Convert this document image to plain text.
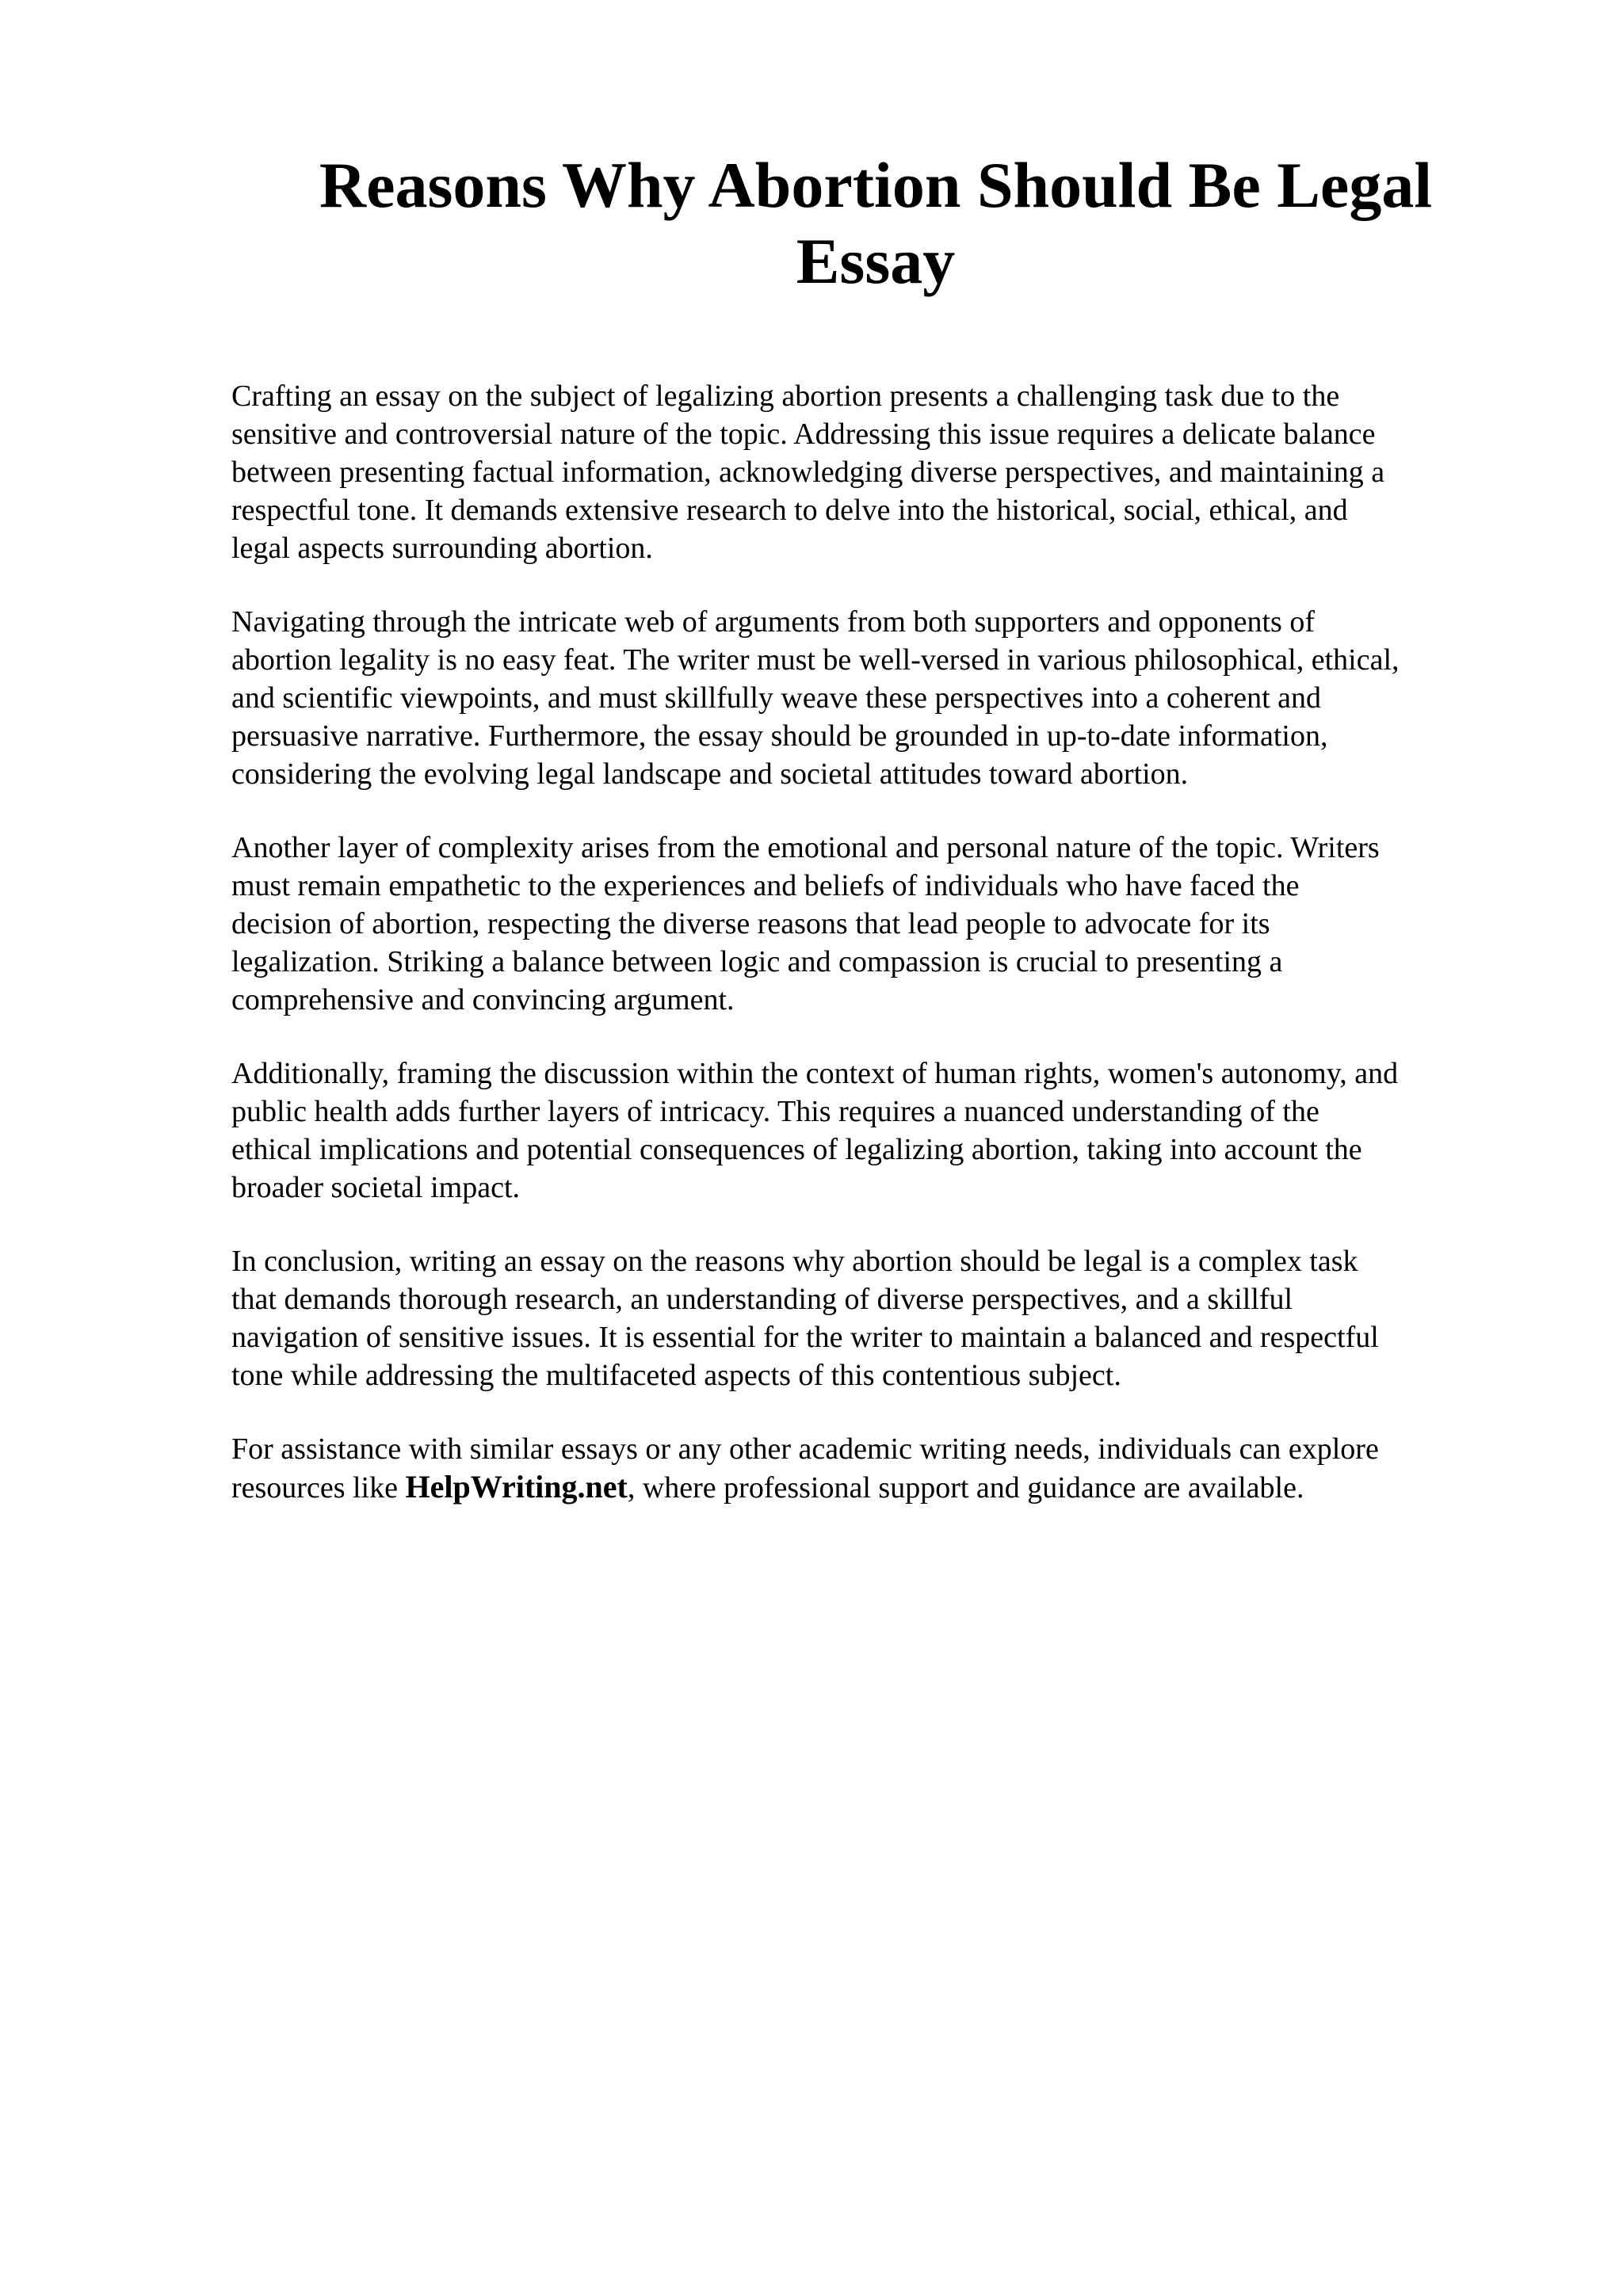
Reasons Why Abortion Should Be Legal
Essay

Crafting an essay on the subject of legalizing abortion presents a challenging task due to the
sensitive and controversial nature of the topic. Addressing this issue requires a delicate balance
between presenting factual information, acknowledging diverse perspectives, and maintaining a
respectful tone. It demands extensive research to delve into the historical, social, ethical, and
legal aspects surrounding abortion.

Navigating through the intricate web of arguments from both supporters and opponents of
abortion legality is no easy feat. The writer must be well-versed in various philosophical, ethical,
and scientific viewpoints, and must skillfully weave these perspectives into a coherent and
persuasive narrative. Furthermore, the essay should be grounded in up-to-date information,
considering the evolving legal landscape and societal attitudes toward abortion.

Another layer of complexity arises from the emotional and personal nature of the topic. Writers
must remain empathetic to the experiences and beliefs of individuals who have faced the
decision of abortion, respecting the diverse reasons that lead people to advocate for its
legalization. Striking a balance between logic and compassion is crucial to presenting a
comprehensive and convincing argument.

Additionally, framing the discussion within the context of human rights, women's autonomy, and
public health adds further layers of intricacy. This requires a nuanced understanding of the
ethical implications and potential consequences of legalizing abortion, taking into account the
broader societal impact.

In conclusion, writing an essay on the reasons why abortion should be legal is a complex task
that demands thorough research, an understanding of diverse perspectives, and a skillful
navigation of sensitive issues. It is essential for the writer to maintain a balanced and respectful
tone while addressing the multifaceted aspects of this contentious subject.

For assistance with similar essays or any other academic writing needs, individuals can explore
resources like HelpWriting.net, where professional support and guidance are available.
